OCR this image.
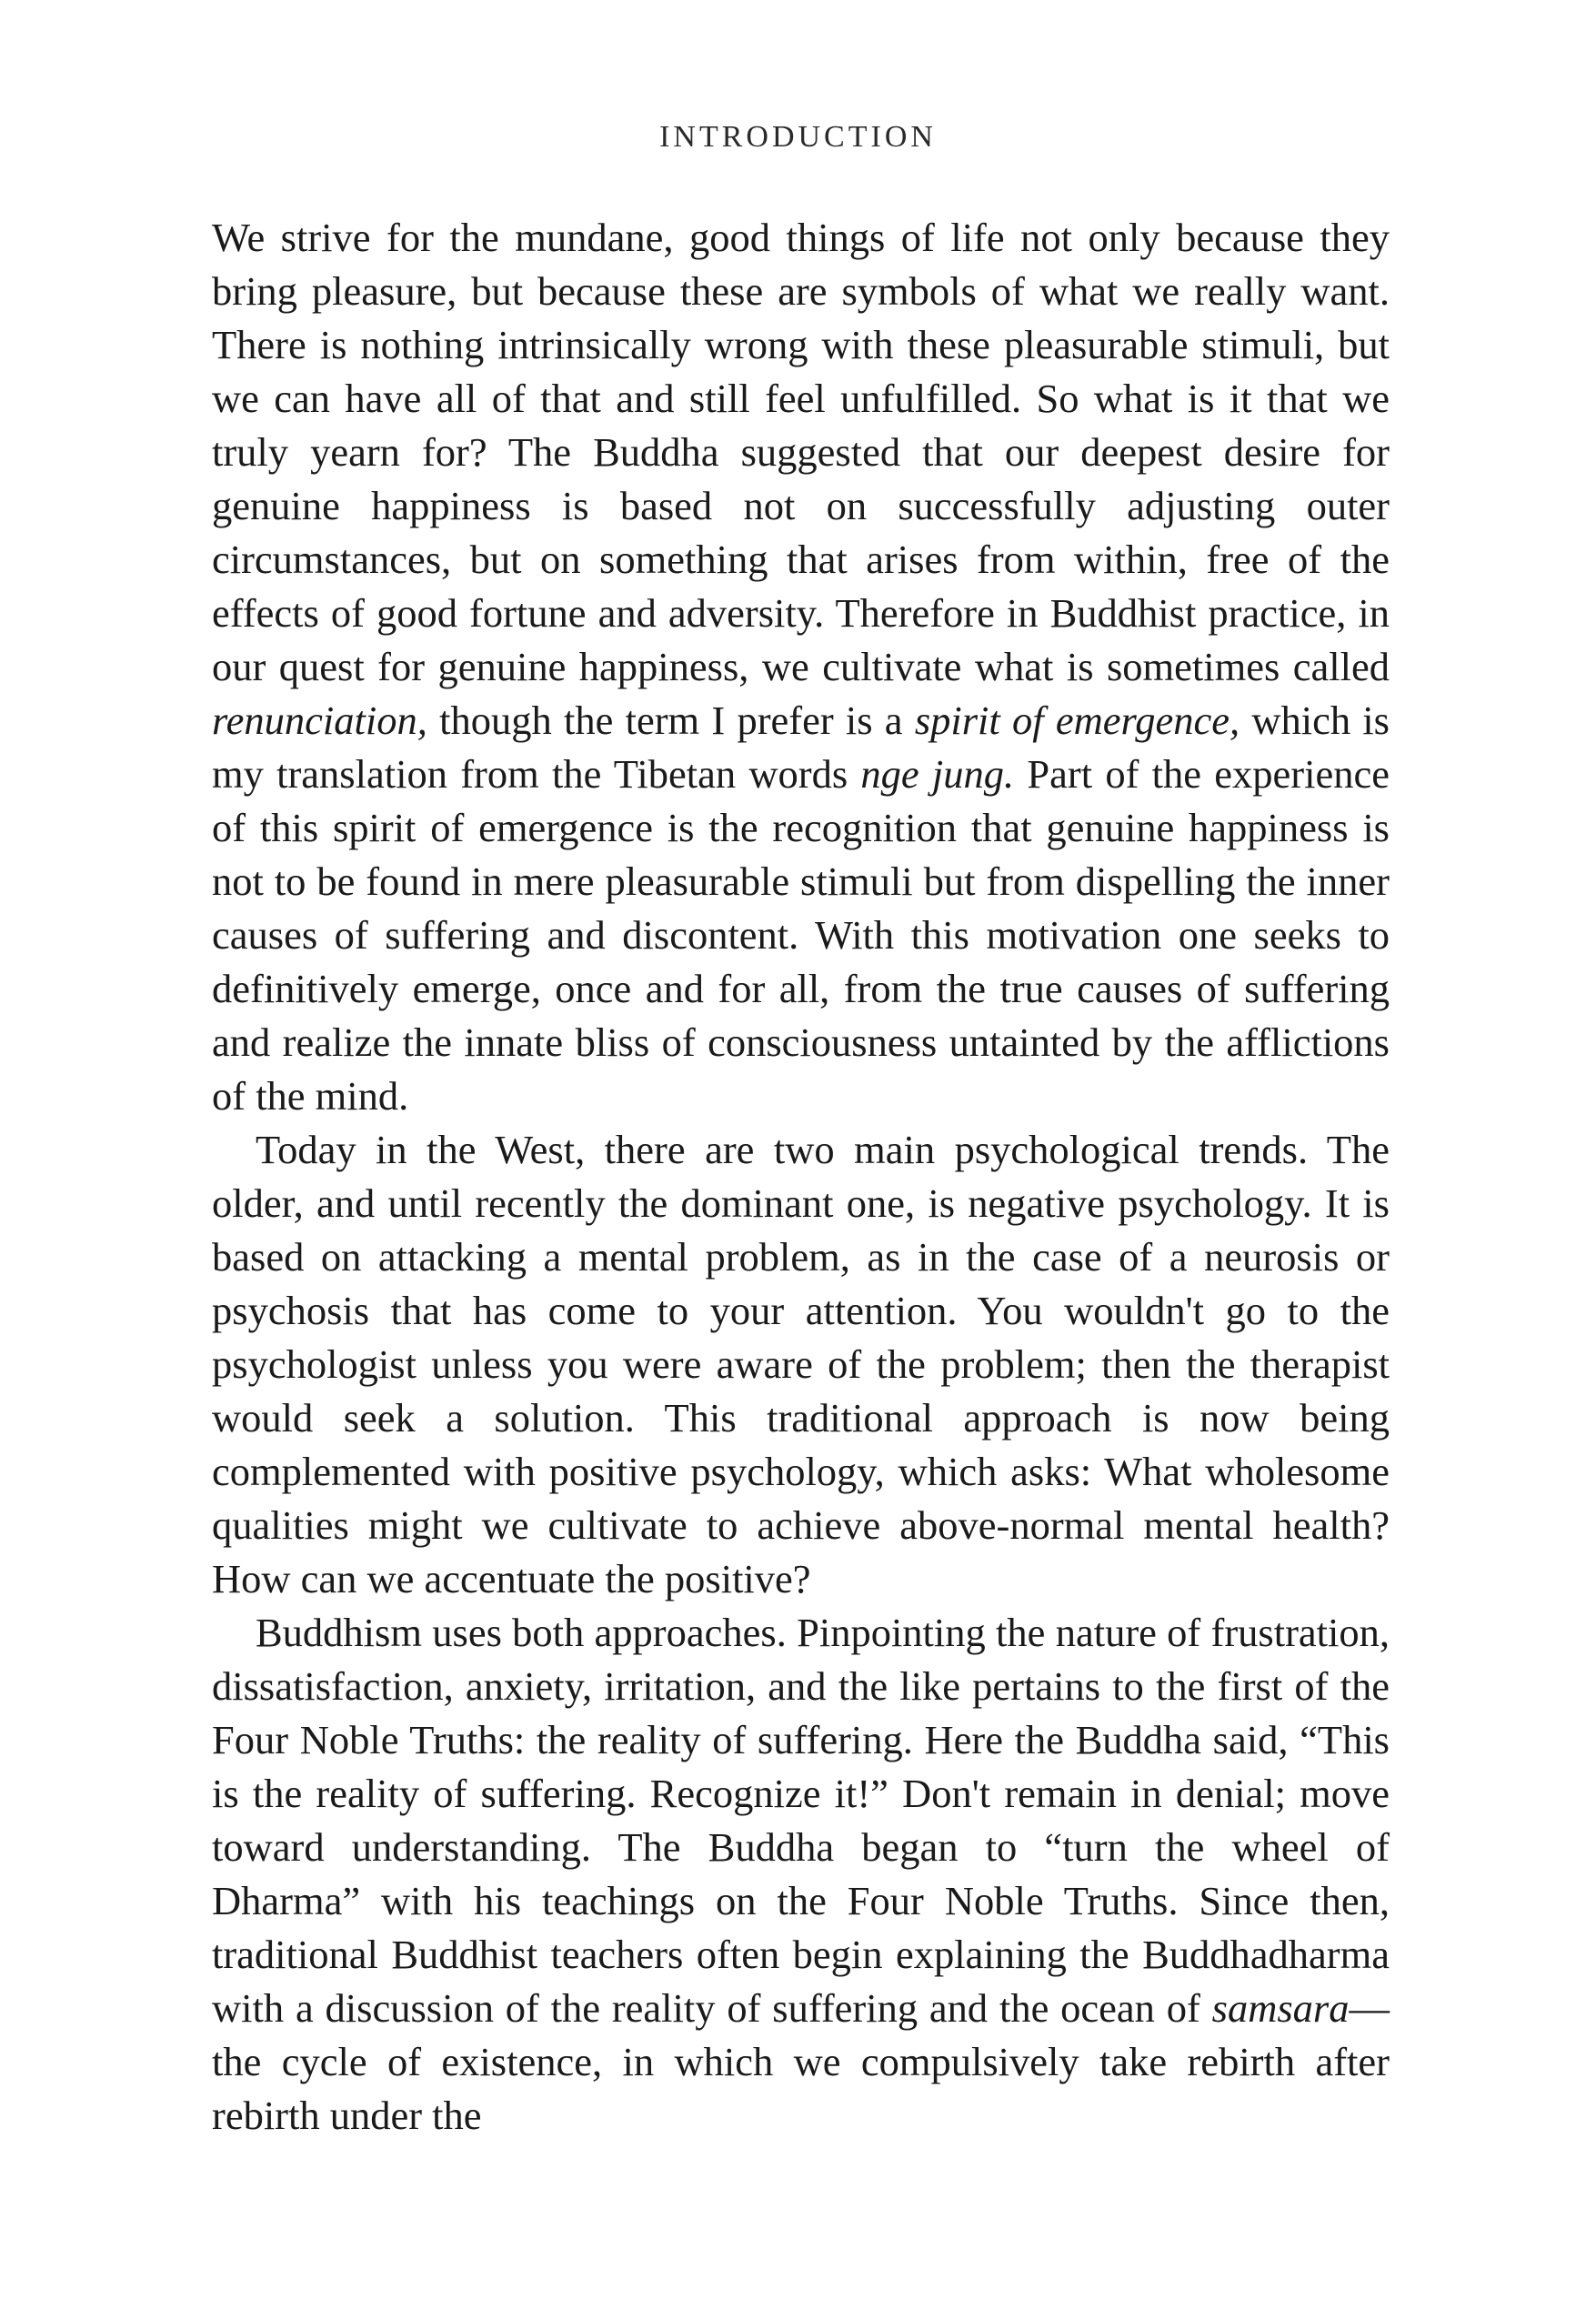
INTRODUCTION

We strive for the mundane, good things of life not only because they bring pleasure, but because these are symbols of what we really want. There is nothing intrinsically wrong with these pleasurable stimuli, but we can have all of that and still feel unfulfilled. So what is it that we truly yearn for? The Buddha suggested that our deepest desire for genuine happiness is based not on successfully adjusting outer circumstances, but on something that arises from within, free of the effects of good fortune and adversity. Therefore in Buddhist practice, in our quest for genuine happiness, we cultivate what is sometimes called renunciation, though the term I prefer is a spirit of emergence, which is my translation from the Tibetan words nge jung. Part of the experience of this spirit of emergence is the recognition that genuine happiness is not to be found in mere pleasurable stimuli but from dispelling the inner causes of suffering and discontent. With this motivation one seeks to definitively emerge, once and for all, from the true causes of suffering and realize the innate bliss of consciousness untainted by the afflictions of the mind.

Today in the West, there are two main psychological trends. The older, and until recently the dominant one, is negative psychology. It is based on attacking a mental problem, as in the case of a neurosis or psychosis that has come to your attention. You wouldn't go to the psychologist unless you were aware of the problem; then the therapist would seek a solution. This traditional approach is now being complemented with positive psychology, which asks: What wholesome qualities might we cultivate to achieve above-normal mental health? How can we accentuate the positive?

Buddhism uses both approaches. Pinpointing the nature of frustration, dissatisfaction, anxiety, irritation, and the like pertains to the first of the Four Noble Truths: the reality of suffering. Here the Buddha said, “This is the reality of suffering. Recognize it!” Don't remain in denial; move toward understanding. The Buddha began to “turn the wheel of Dharma” with his teachings on the Four Noble Truths. Since then, traditional Buddhist teachers often begin explaining the Buddhadharma with a discussion of the reality of suffering and the ocean of samsara—the cycle of existence, in which we compulsively take rebirth after rebirth under the
